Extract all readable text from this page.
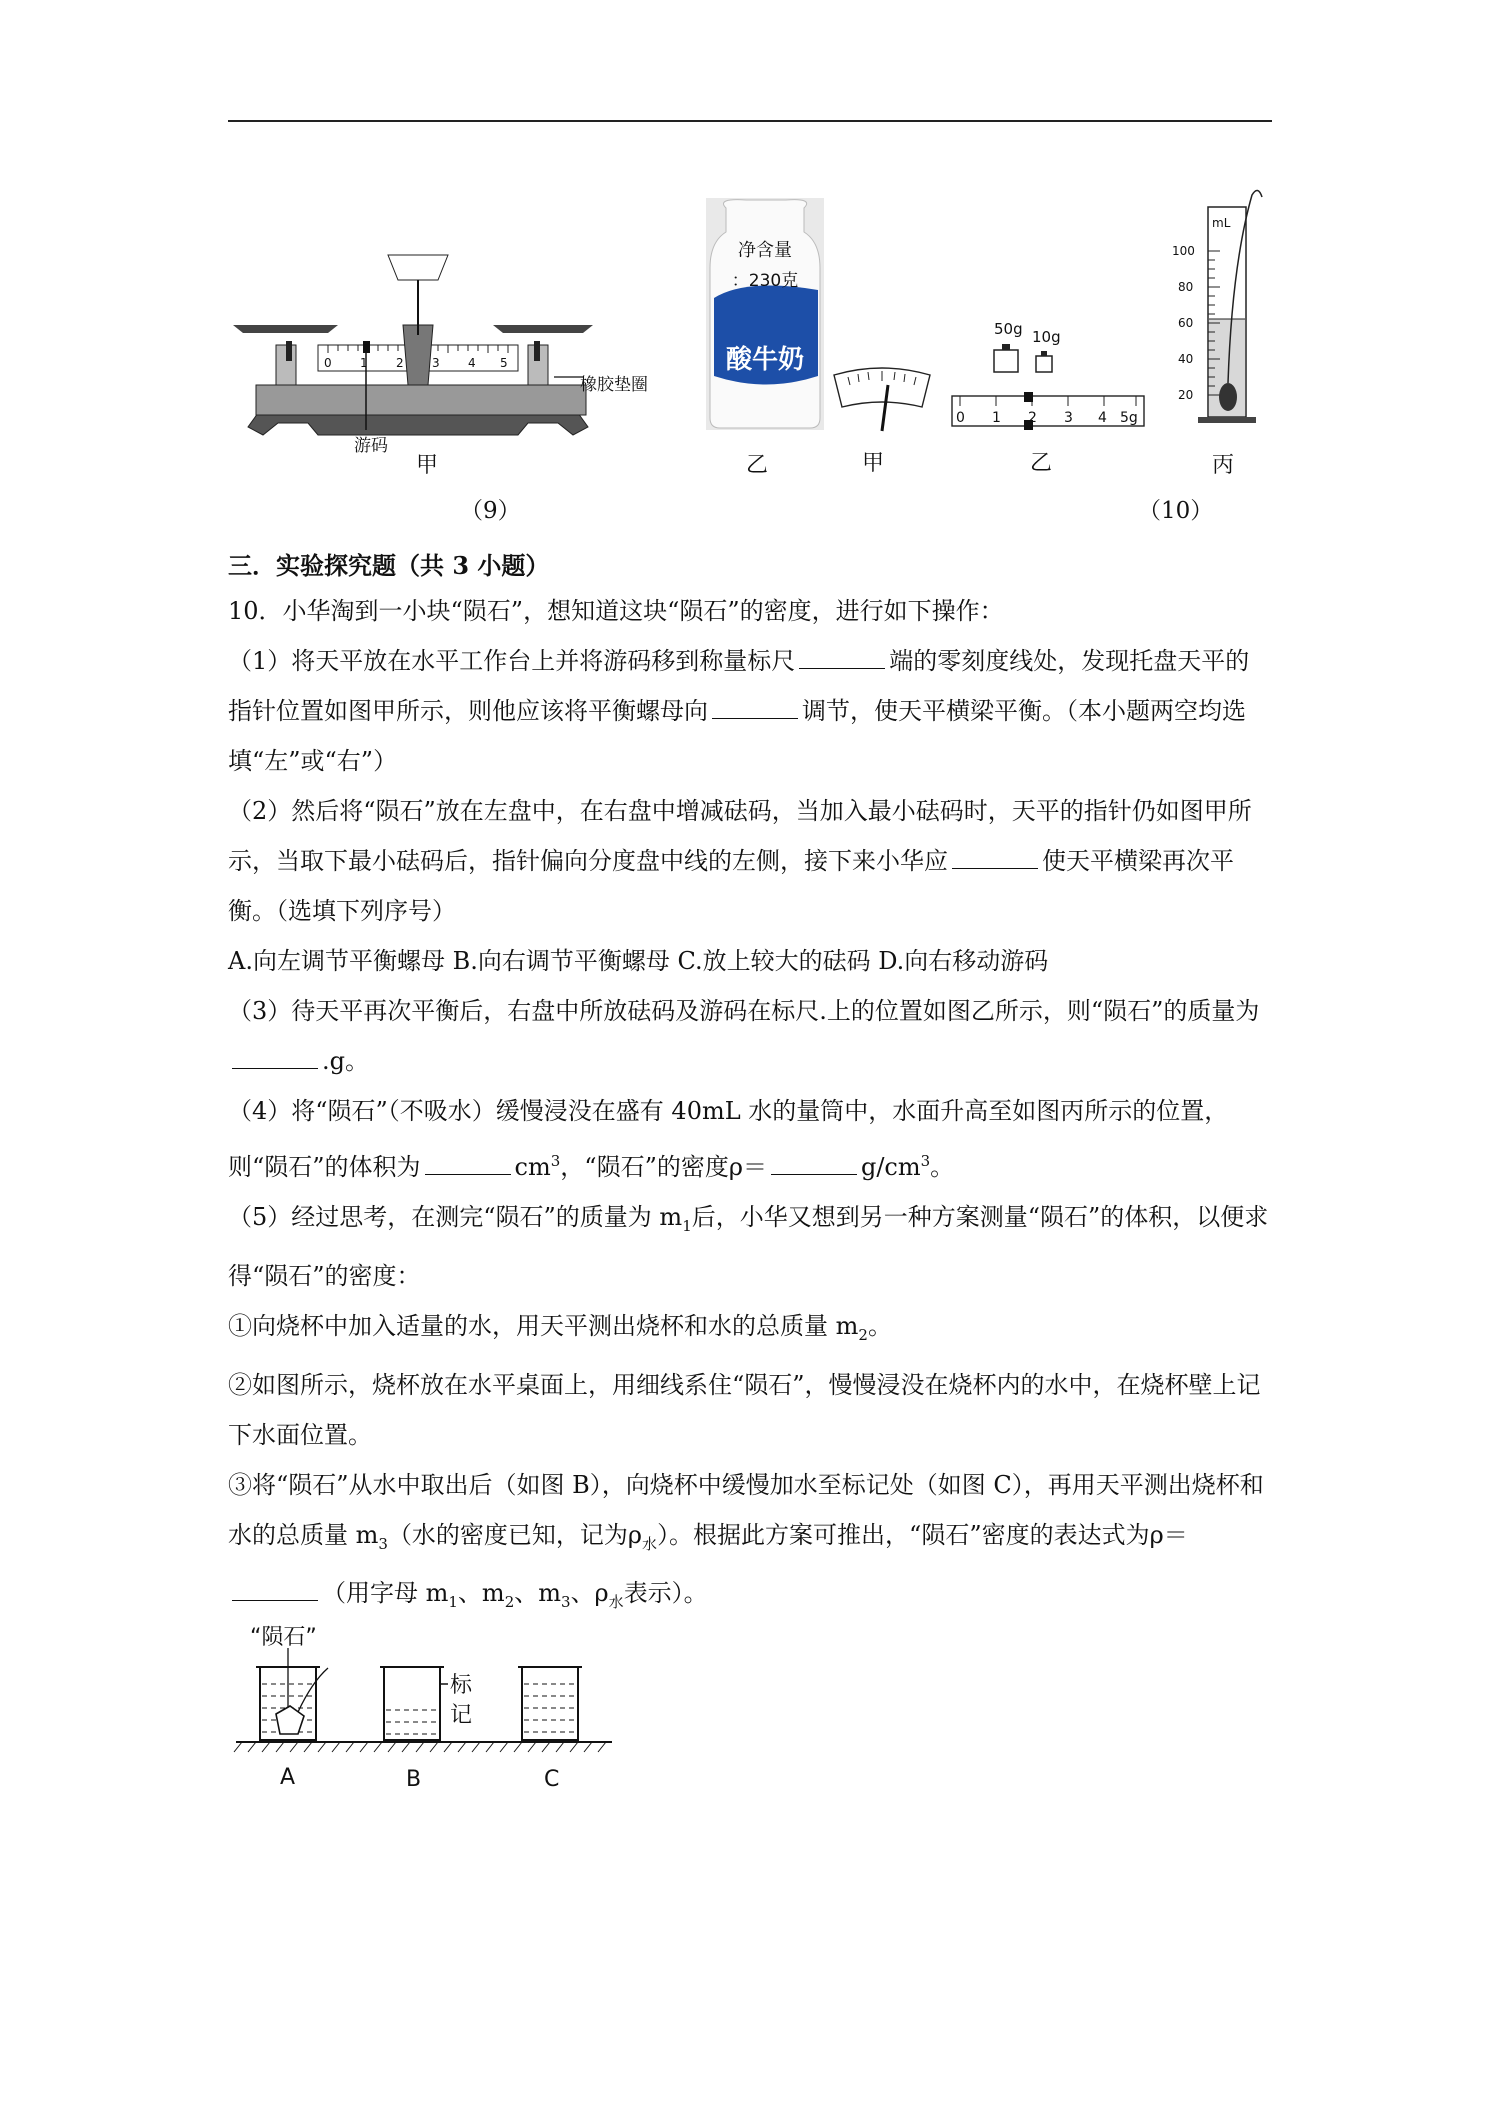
0 1 2 3 4 5
橡胶垫圈
游码
甲
净含量
：230克
酸牛奶
乙	甲
50g 10g
0 1 2 3 4 5g
乙
mL
100
80
60
40
20
丙
（9）	（10）
三．实验探究题（共 3 小题）

10．小华淘到一小块“陨石”，想知道这块“陨石”的密度，进行如下操作：

（1）将天平放在水平工作台上并将游码移到称量标尺	端的零刻度线处，发现托盘天平的指针位置如图甲所示，则他应该将平衡螺母向	调节，使天平横梁平衡。（本小题两空均选填“左”或“右”）

（2）然后将“陨石”放在左盘中，在右盘中增减砝码，当加入最小砝码时，天平的指针仍如图甲所示，当取下最小砝码后，指针偏向分度盘中线的左侧，接下来小华应	使天平横梁再次平衡。（选填下列序号）

A.向左调节平衡螺母 B.向右调节平衡螺母 C.放上较大的砝码 D.向右移动游码

（3）待天平再次平衡后，右盘中所放砝码及游码在标尺.上的位置如图乙所示，则“陨石”的质量为.g。

（4）将“陨石”（不吸水）缓慢浸没在盛有 40mL 水的量筒中，水面升高至如图丙所示的位置，则“陨石”的体积为	$cm^3$，“陨石”的密度ρ＝	$g/cm^3$。

（5）经过思考，在测完“陨石”的质量为 $m_1$后，小华又想到另一种方案测量“陨石”的体积，以便求得“陨石”的密度：

①向烧杯中加入适量的水，用天平测出烧杯和水的总质量 $m_2$。

②如图所示，烧杯放在水平桌面上，用细线系住“陨石”，慢慢浸没在烧杯内的水中，在烧杯壁上记下水面位置。

③将“陨石”从水中取出后（如图 B），向烧杯中缓慢加水至标记处（如图 C），再用天平测出烧杯和水的总质量 $m_3$（水的密度已知，记为$\rho_水$）。根据此方案可推出，“陨石”密度的表达式为ρ＝（用字母 $m_1$、$m_2$、$m_3$、$\rho_水$表示）。

“陨石”
标
记
A	B	C
